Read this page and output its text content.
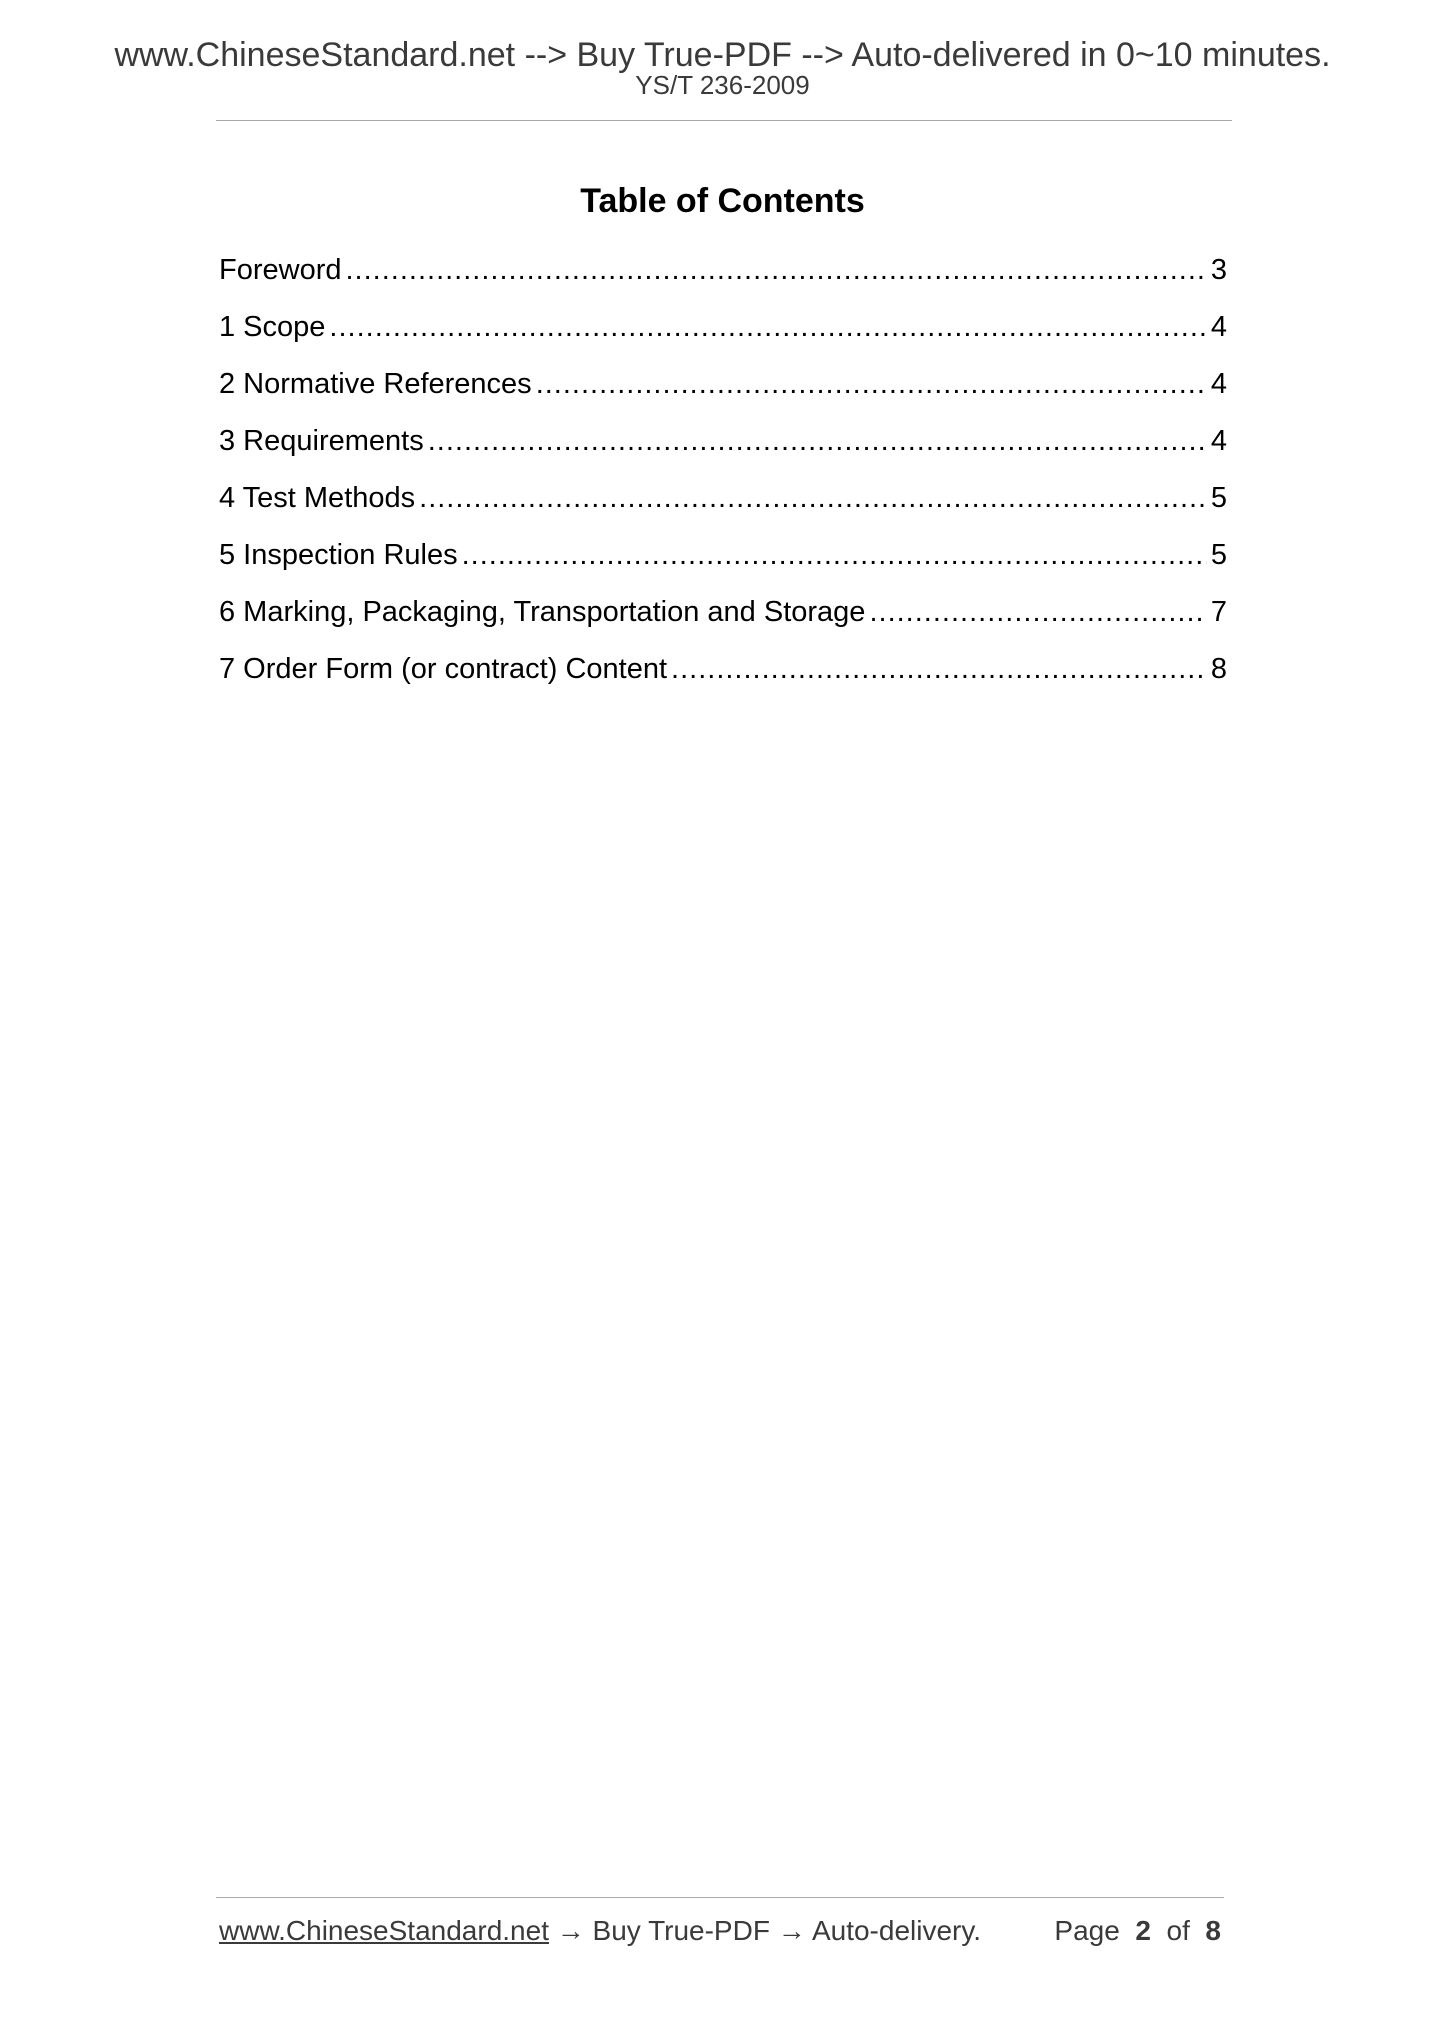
www.ChineseStandard.net --> Buy True-PDF --> Auto-delivered in 0~10 minutes.
YS/T 236-2009
Table of Contents
Foreword .....	3
1 Scope .....	4
2 Normative References .....	4
3 Requirements .....	4
4 Test Methods .....	5
5 Inspection Rules .....	5
6 Marking, Packaging, Transportation and Storage .....	7
7 Order Form (or contract) Content .....	8
www.ChineseStandard.net → Buy True-PDF → Auto-delivery.	Page 2 of 8
